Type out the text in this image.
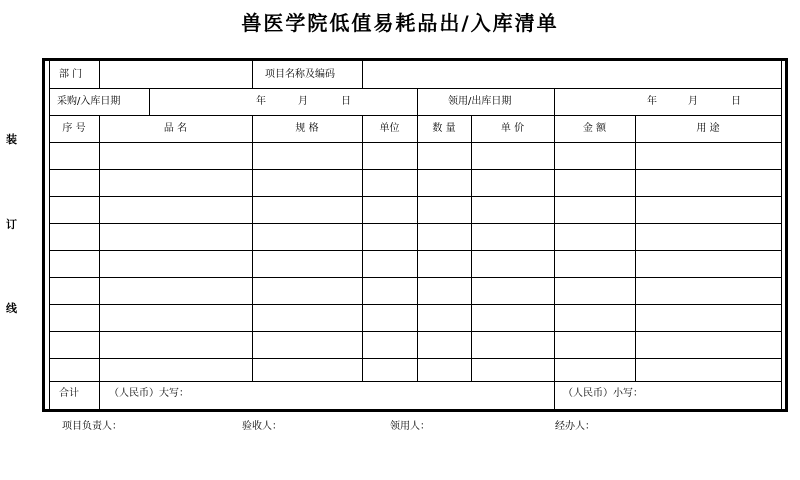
兽医学院低值易耗品出/入库清单
装
订
线
部 门	项目名称及编码
采购/入库日期	年	月	日	领用/出库日期	年	月	日
序 号	品 名	规 格	单位	数 量	单 价	金 额	用 途
合计	（人民币）大写：	（人民币）小写：
项目负责人：	验收人：	领用人：	经办人：
